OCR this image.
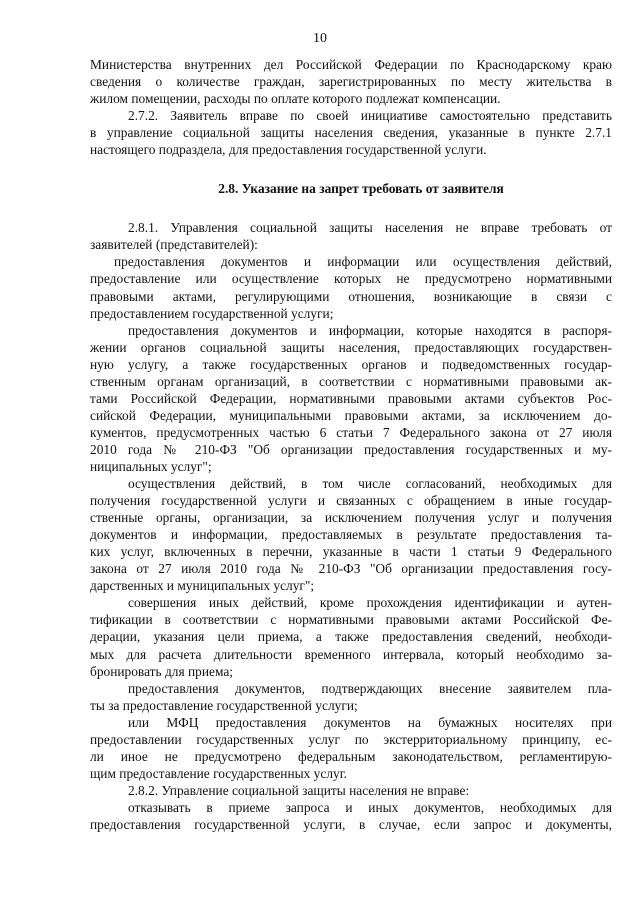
10
Министерства внутренних дел Российской Федерации по Краснодарскому краю
сведения о количестве граждан, зарегистрированных по месту жительства в
жилом помещении, расходы по оплате которого подлежат компенсации.
2.7.2. Заявитель вправе по своей инициативе самостоятельно представить
в управление социальной защиты населения сведения, указанные в пункте 2.7.1
настоящего подраздела, для предоставления государственной услуги.
2.8. Указание на запрет требовать от заявителя
2.8.1. Управления социальной защиты населения не вправе требовать от
заявителей (представителей):
предоставления документов и информации или осуществления действий,
предоставление или осуществление которых не предусмотрено нормативными
правовыми актами, регулирующими отношения, возникающие в связи с
предоставлением государственной услуги;
предоставления документов и информации, которые находятся в распоря-
жении органов социальной защиты населения, предоставляющих государствен-
ную услугу, а также государственных органов и подведомственных государ-
ственным органам организаций, в соответствии с нормативными правовыми ак-
тами Российской Федерации, нормативными правовыми актами субъектов Рос-
сийской Федерации, муниципальными правовыми актами, за исключением до-
кументов, предусмотренных частью 6 статьи 7 Федерального закона от 27 июля
2010 года № 210-ФЗ "Об организации предоставления государственных и му-
ниципальных услуг";
осуществления действий, в том числе согласований, необходимых для
получения государственной услуги и связанных с обращением в иные государ-
ственные органы, организации, за исключением получения услуг и получения
документов и информации, предоставляемых в результате предоставления та-
ких услуг, включенных в перечни, указанные в части 1 статьи 9 Федерального
закона от 27 июля 2010 года № 210-ФЗ "Об организации предоставления госу-
дарственных и муниципальных услуг";
совершения иных действий, кроме прохождения идентификации и аутен-
тификации в соответствии с нормативными правовыми актами Российской Фе-
дерации, указания цели приема, а также предоставления сведений, необходи-
мых для расчета длительности временного интервала, который необходимо за-
бронировать для приема;
предоставления документов, подтверждающих внесение заявителем пла-
ты за предоставление государственной услуги;
или МФЦ предоставления документов на бумажных носителях при
предоставлении государственных услуг по экстерриториальному принципу, ес-
ли иное не предусмотрено федеральным законодательством, регламентирую-
щим предоставление государственных услуг.
2.8.2. Управление социальной защиты населения не вправе:
отказывать в приеме запроса и иных документов, необходимых для
предоставления государственной услуги, в случае, если запрос и документы,
